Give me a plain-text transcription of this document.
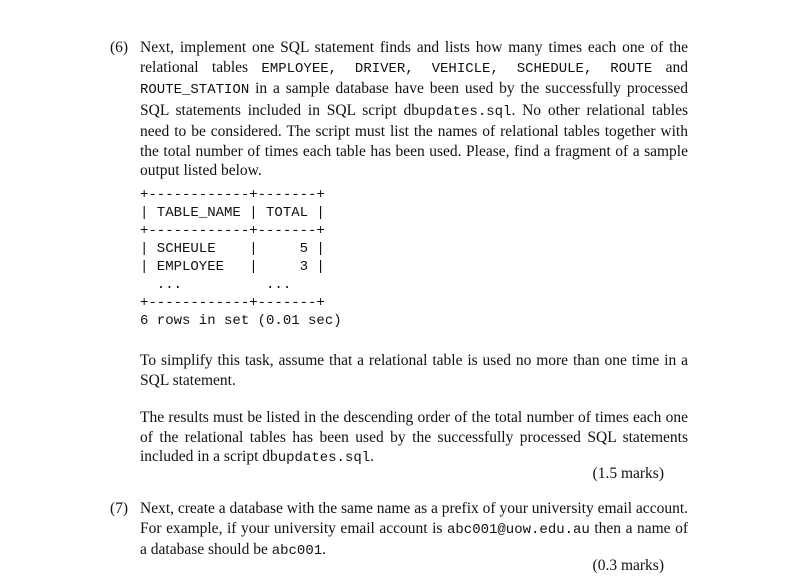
(6) Next, implement one SQL statement finds and lists how many times each one of the relational tables EMPLOYEE, DRIVER, VEHICLE, SCHEDULE, ROUTE and ROUTE_STATION in a sample database have been used by the successfully processed SQL statements included in SQL script dbupdates.sql. No other relational tables need to be considered. The script must list the names of relational tables together with the total number of times each table has been used. Please, find a fragment of a sample output listed below.
+------------+-------+
| TABLE_NAME | TOTAL |
+------------+-------+
| SCHEULE    |     5 |
| EMPLOYEE   |     3 |
...          ...
+------------+-------+
6 rows in set (0.01 sec)
To simplify this task, assume that a relational table is used no more than one time in a SQL statement.
The results must be listed in the descending order of the total number of times each one of the relational tables has been used by the successfully processed SQL statements included in a script dbupdates.sql.
(1.5 marks)
(7) Next, create a database with the same name as a prefix of your university email account. For example, if your university email account is abc001@uow.edu.au then a name of a database should be abc001.
(0.3 marks)
